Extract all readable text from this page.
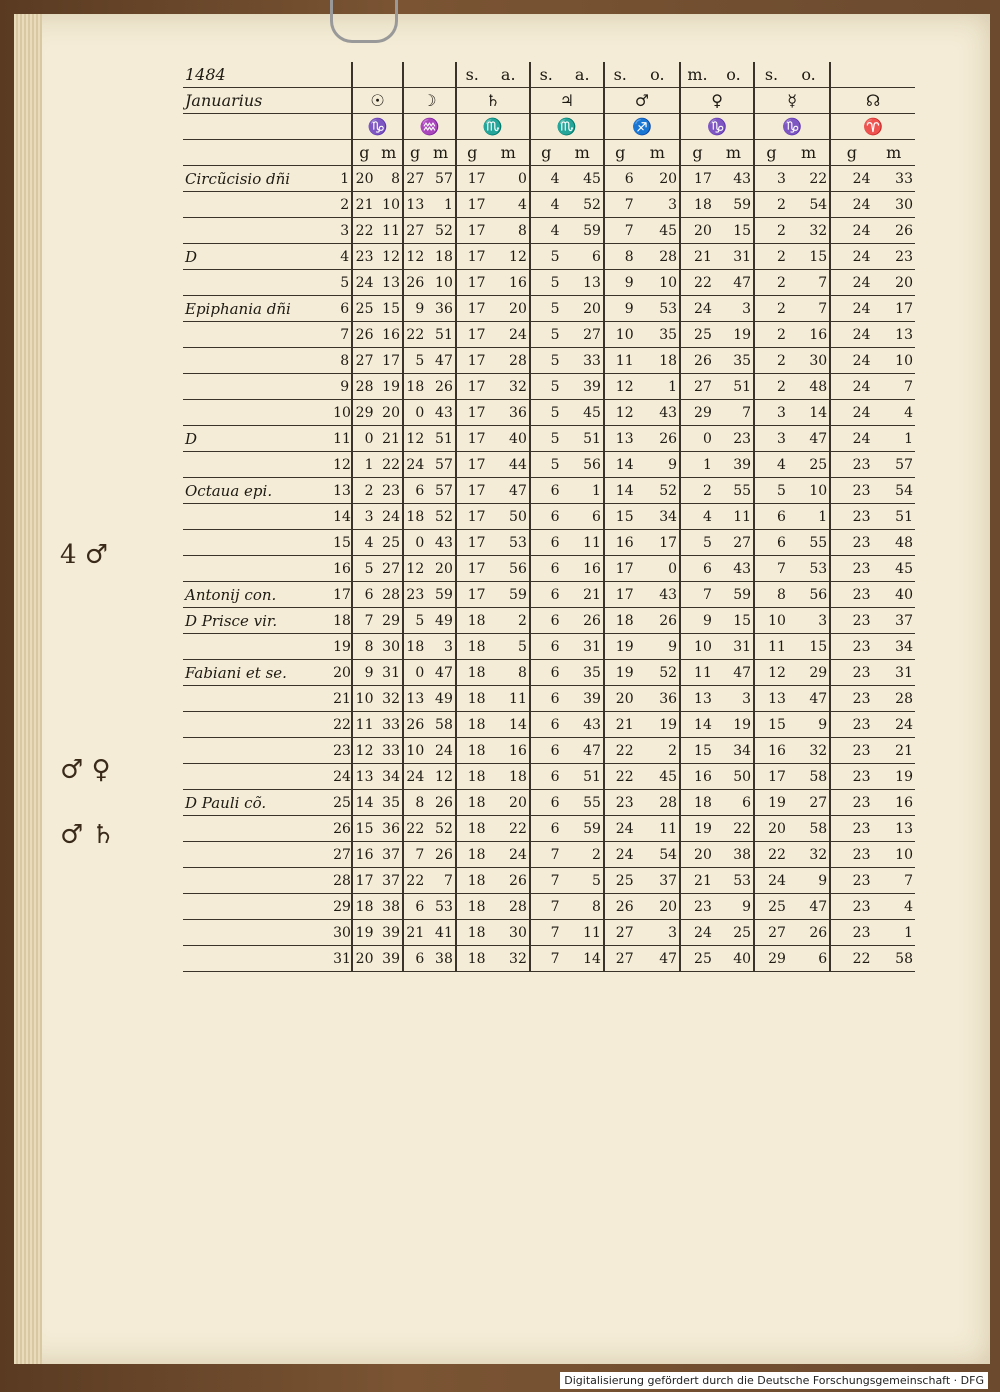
4 ♂
♂ ♀
♂ ♄
1484						s.	a.	s.	a.	s.	o.	m.	o.	s.	o.		
Januarius		☉		☽		♄		♃		♂		♀		☿		☊	
		♑		♒		♏		♏		♐		♑		♑		♈	
		g	m	g	m	g	m	g	m	g	m	g	m	g	m	g	m
Circũcisio dñi	1	20	8	27	57	17	0	4	45	6	20	17	43	3	22	24	33
	2	21	10	13	1	17	4	4	52	7	3	18	59	2	54	24	30
	3	22	11	27	52	17	8	4	59	7	45	20	15	2	32	24	26
D	4	23	12	12	18	17	12	5	6	8	28	21	31	2	15	24	23
	5	24	13	26	10	17	16	5	13	9	10	22	47	2	7	24	20
Epiphania dñi	6	25	15	9	36	17	20	5	20	9	53	24	3	2	7	24	17
	7	26	16	22	51	17	24	5	27	10	35	25	19	2	16	24	13
	8	27	17	5	47	17	28	5	33	11	18	26	35	2	30	24	10
	9	28	19	18	26	17	32	5	39	12	1	27	51	2	48	24	7
	10	29	20	0	43	17	36	5	45	12	43	29	7	3	14	24	4
D	11	0	21	12	51	17	40	5	51	13	26	0	23	3	47	24	1
	12	1	22	24	57	17	44	5	56	14	9	1	39	4	25	23	57
Octaua epi.	13	2	23	6	57	17	47	6	1	14	52	2	55	5	10	23	54
	14	3	24	18	52	17	50	6	6	15	34	4	11	6	1	23	51
	15	4	25	0	43	17	53	6	11	16	17	5	27	6	55	23	48
	16	5	27	12	20	17	56	6	16	17	0	6	43	7	53	23	45
Antonij con.	17	6	28	23	59	17	59	6	21	17	43	7	59	8	56	23	40
D Prisce vir.	18	7	29	5	49	18	2	6	26	18	26	9	15	10	3	23	37
	19	8	30	18	3	18	5	6	31	19	9	10	31	11	15	23	34
Fabiani et se.	20	9	31	0	47	18	8	6	35	19	52	11	47	12	29	23	31
	21	10	32	13	49	18	11	6	39	20	36	13	3	13	47	23	28
	22	11	33	26	58	18	14	6	43	21	19	14	19	15	9	23	24
	23	12	33	10	24	18	16	6	47	22	2	15	34	16	32	23	21
	24	13	34	24	12	18	18	6	51	22	45	16	50	17	58	23	19
D Pauli cõ.	25	14	35	8	26	18	20	6	55	23	28	18	6	19	27	23	16
	26	15	36	22	52	18	22	6	59	24	11	19	22	20	58	23	13
	27	16	37	7	26	18	24	7	2	24	54	20	38	22	32	23	10
	28	17	37	22	7	18	26	7	5	25	37	21	53	24	9	23	7
	29	18	38	6	53	18	28	7	8	26	20	23	9	25	47	23	4
	30	19	39	21	41	18	30	7	11	27	3	24	25	27	26	23	1
	31	20	39	6	38	18	32	7	14	27	47	25	40	29	6	22	58
Digitalisierung gefördert durch die Deutsche Forschungsgemeinschaft · DFG
